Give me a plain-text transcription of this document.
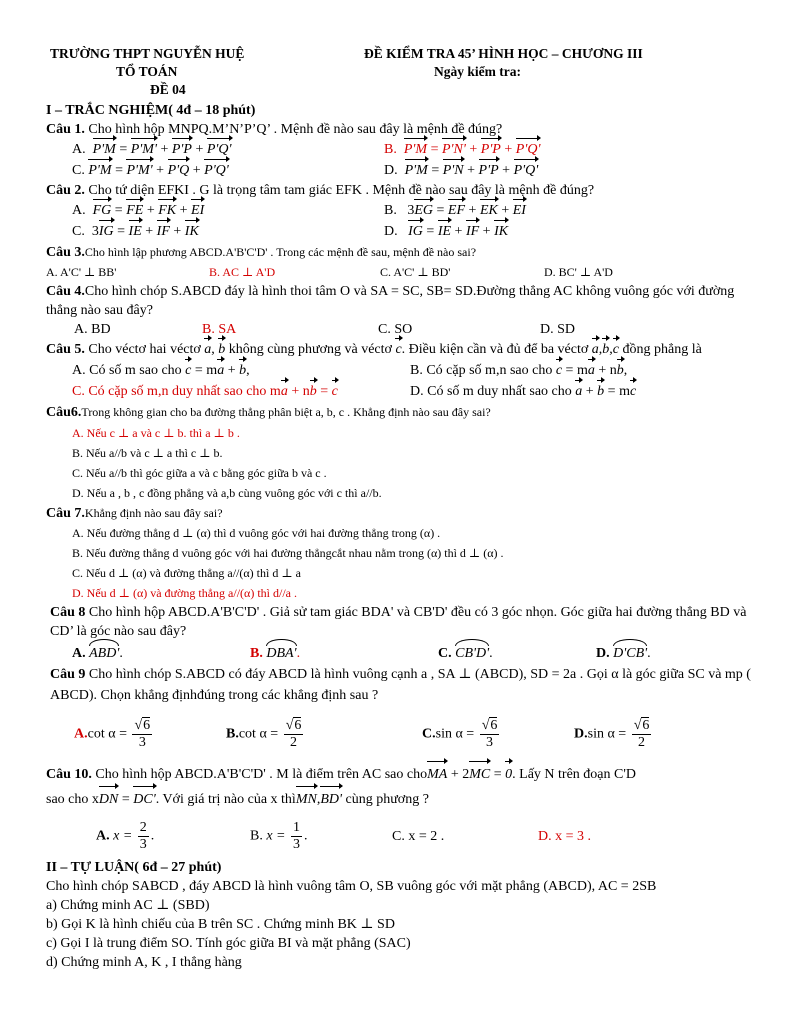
TRƯỜNG THPT NGUYỄN HUỆ
TỔ TOÁN
ĐỀ 04
ĐỀ KIỂM TRA 45’ HÌNH HỌC – CHƯƠNG III
Ngày kiểm tra:
I – TRẮC NGHIỆM( 4đ – 18 phút)
Câu 1. Cho hình hộp MNPQ.M’N’P’Q’ . Mệnh đề nào sau đây là mệnh đề đúng?
A. P'M = P'M' + P'P + P'Q'	B. P'M = P'N' + P'P + P'Q'
C. P'M = P'M' + P'Q + P'Q'	D. P'M = P'N + P'P + P'Q'
Câu 2. Cho tứ diện EFKI . G là trọng tâm tam giác EFK . Mệnh đề nào sau đây là mệnh đề đúng?
A. FG = FE + FK + EI	B.   3EG = EF + EK + EI
C.  3IG = IE + IF + IK	D. IG = IE + IF + IK
Câu 3.Cho hình lập phương ABCD.A'B'C'D' . Trong các mệnh đề sau, mệnh đề nào sai?
A. A'C' ⊥ BB'	B. AC ⊥ A'D	C. A'C' ⊥ BD'	D. BC' ⊥ A'D
Câu 4.Cho hình chóp S.ABCD đáy là hình thoi tâm O và SA = SC, SB= SD.Đường thẳng AC không vuông góc với đường thẳng nào sau đây?
A. BD	B. SA	C. SO	D. SD
Câu 5. Cho véctơ hai véctơ a, b không cùng phương và véctơ c. Điều kiện cần và đủ để ba véctơ a,b,c đồng phẳng là
A. Có số m sao cho c = ma + b,	B. Có cặp số m,n sao cho c = ma + nb,
C. Có cặp số m,n duy nhất sao cho ma + nb = c	D. Có số m duy nhất sao cho a + b = mc
Câu6.Trong không gian cho ba đường thẳng phân biệt a, b, c . Khẳng định nào sau đây sai?
A. Nếu c ⊥ a và c ⊥ b. thì a ⊥ b .
B. Nếu a//b và c ⊥ a thì c ⊥ b.
C. Nếu a//b thì góc giữa a và c bằng góc giữa b và c .
D. Nếu a , b , c đồng phẳng và a,b cùng vuông góc với c thì a//b.
Câu 7.Khẳng định nào sau đây sai?
A. Nếu đường thẳng d ⊥ (α) thì d vuông góc với hai đường thẳng trong (α) .
B. Nếu đường thẳng d vuông góc với hai đường thẳngcắt nhau nằm trong (α) thì d ⊥ (α) .
C. Nếu d ⊥ (α) và đường thẳng a//(α) thì d ⊥ a
D. Nếu d ⊥ (α) và đường thẳng a//(α) thì d//a .
Câu 8 Cho hình hộp ABCD.A'B'C'D' . Giả sử tam giác BDA' và CB'D' đều có 3 góc nhọn. Góc giữa hai đường thẳng BD và CD’ là góc nào sau đây?
A. ABD'.	B. DBA'.	C. CB'D'.	D. D'CB'.
Câu 9 Cho hình chóp S.ABCD có đáy ABCD là hình vuông cạnh a , SA ⊥ (ABCD), SD = 2a . Gọi α là góc giữa SC và mp ( ABCD). Chọn khẳng địnhđúng trong các khẳng định sau ?
A.cot $\alpha = \frac{√6}{3}$	B.cot $\alpha = \frac{√6}{2}$	C.sin $\alpha = \frac{√6}{3}$	D.sin $\alpha = \frac{√6}{2}$
Câu 10. Cho hình hộp ABCD.A'B'C'D' . M là điểm trên AC sao choMA + 2MC = 0. Lấy N trên đoạn C'D
sao cho xDN = DC'. Với giá trị nào của x thìMN,BD' cùng phương ?
A. $x = \frac{2}{3}$ .	B. $x = \frac{1}{3}$ .	C. x = 2 .	D. x = 3 .
II – TỰ LUẬN( 6đ – 27 phút)
Cho hình chóp SABCD , đáy ABCD là hình vuông tâm O, SB vuông góc với mặt phẳng (ABCD), AC = 2SB
a) Chứng minh AC ⊥ (SBD)
b) Gọi K là hình chiếu của B trên SC . Chứng minh BK ⊥ SD
c) Gọi I là trung điểm SO. Tính góc giữa BI và mặt phẳng (SAC)
d) Chứng minh A, K , I thẳng hàng
